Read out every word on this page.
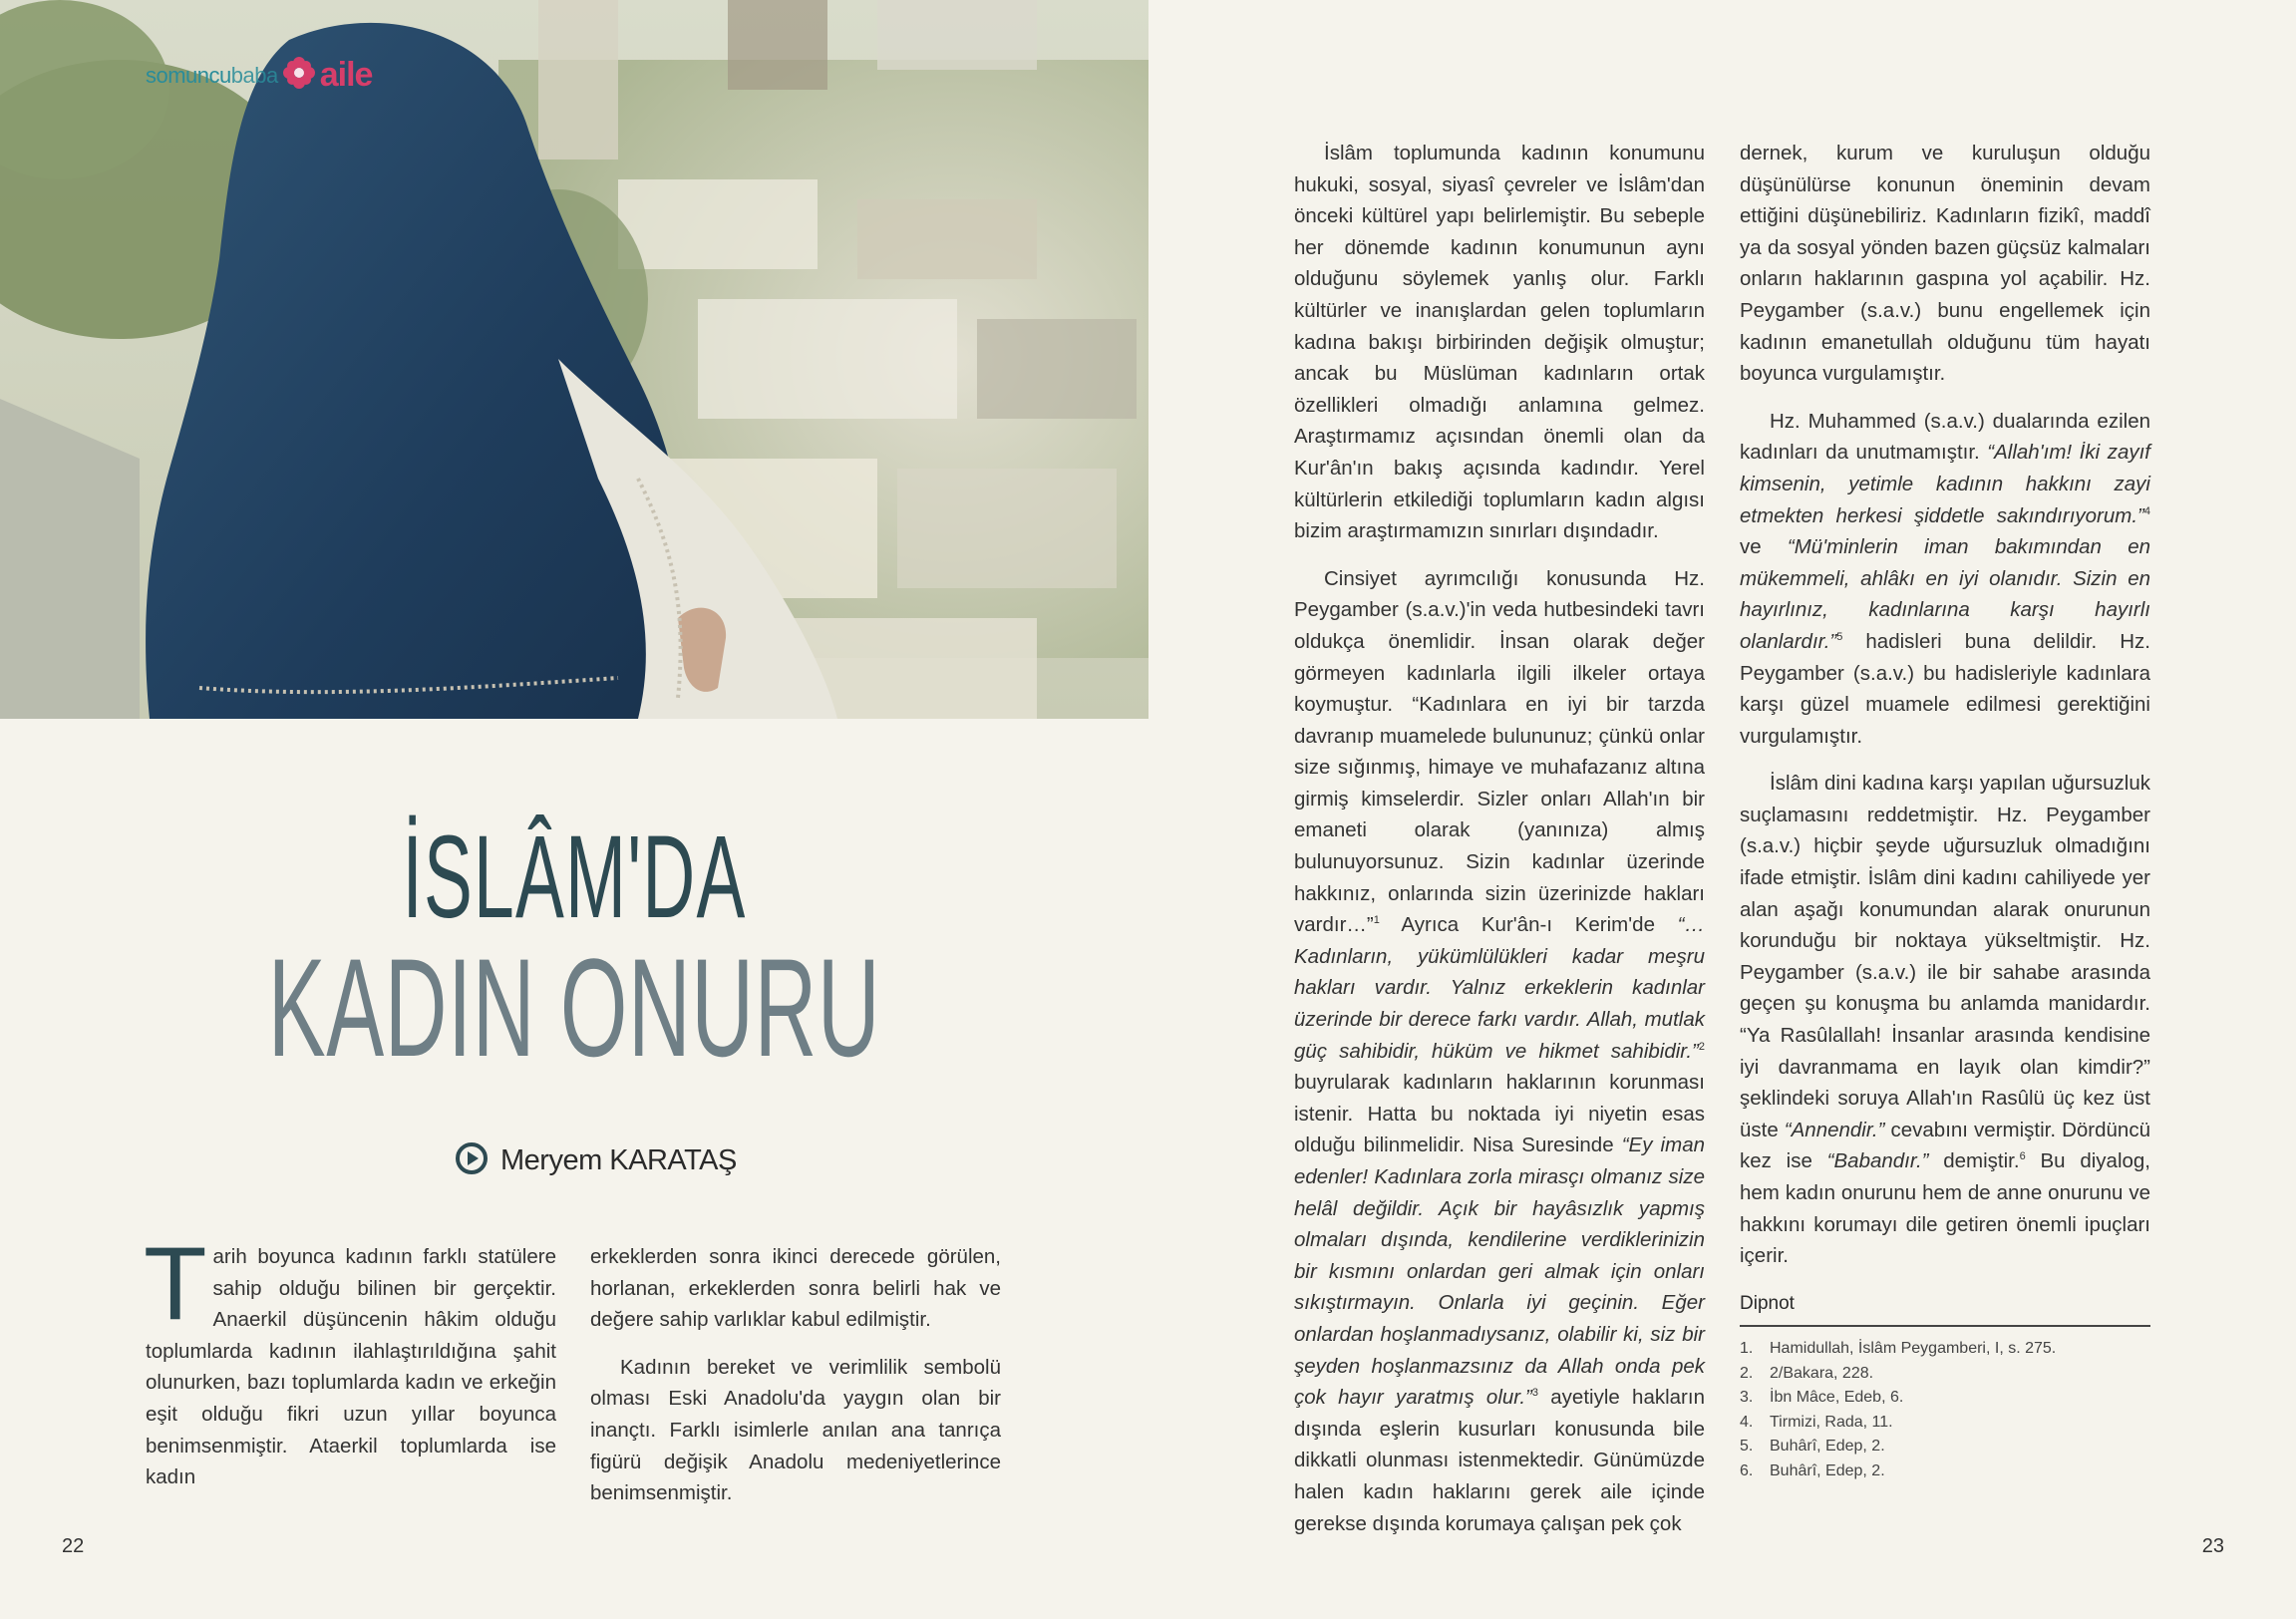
somuncu baba aile
İSLÂM'DA
KADIN ONURU
Meryem KARATAŞ

Tarih boyunca kadının farklı statülere sahip olduğu bilinen bir gerçektir. Anaerkil düşüncenin hâkim olduğu toplumlarda kadının ilahlaştırıldığına şahit olunurken, bazı toplumlarda kadın ve erkeğin eşit olduğu fikri uzun yıllar boyunca benimsenmiştir. Ataerkil toplumlarda ise kadın

erkeklerden sonra ikinci derecede görülen, horlanan, erkeklerden sonra belirli hak ve değere sahip varlıklar kabul edilmiştir.

Kadının bereket ve verimlilik sembolü olması Eski Anadolu'da yaygın olan bir inançtı. Farklı isimlerle anılan ana tanrıça figürü değişik Anadolu medeniyetlerince benimsenmiştir.

İslâm toplumunda kadının konumunu hukuki, sosyal, siyasî çevreler ve İslâm'dan önceki kültürel yapı belirlemiştir. Bu sebeple her dönemde kadının konumunun aynı olduğunu söylemek yanlış olur. Farklı kültürler ve inanışlardan gelen toplumların kadına bakışı birbirinden değişik olmuştur; ancak bu Müslüman kadınların ortak özellikleri olmadığı anlamına gelmez. Araştırmamız açısından önemli olan da Kur'ân'ın bakış açısında kadındır. Yerel kültürlerin etkilediği toplumların kadın algısı bizim araştırmamızın sınırları dışındadır.

Cinsiyet ayrımcılığı konusunda Hz. Peygamber (s.a.v.)'in veda hutbesindeki tavrı oldukça önemlidir. İnsan olarak değer görmeyen kadınlarla ilgili ilkeler ortaya koymuştur. “Kadınlara en iyi bir tarzda davranıp muamelede bulununuz; çünkü onlar size sığınmış, himaye ve muhafazanız altına girmiş kimselerdir. Sizler onları Allah'ın bir emaneti olarak (yanınıza) almış bulunuyorsunuz. Sizin kadınlar üzerinde hakkınız, onlarında sizin üzerinizde hakları vardır…”$^1$ Ayrıca Kur'ân-ı Kerim'de “…Kadınların, yükümlülükleri kadar meşru hakları vardır. Yalnız erkeklerin kadınlar üzerinde bir derece farkı vardır. Allah, mutlak güç sahibidir, hüküm ve hikmet sahibidir.”$^2$ buyrularak kadınların haklarının korunması istenir. Hatta bu noktada iyi niyetin esas olduğu bilinmelidir. Nisa Suresinde “Ey iman edenler! Kadınlara zorla mirasçı olmanız size helâl değildir. Açık bir hayâsızlık yapmış olmaları dışında, kendilerine verdiklerinizin bir kısmını onlardan geri almak için onları sıkıştırmayın. Onlarla iyi geçinin. Eğer onlardan hoşlanmadıysanız, olabilir ki, siz bir şeyden hoşlanmazsınız da Allah onda pek çok hayır yaratmış olur.”$^3$ ayetiyle hakların dışında eşlerin kusurları konusunda bile dikkatli olunması istenmektedir. Günümüzde halen kadın haklarını gerek aile içinde gerekse dışında korumaya çalışan pek çok

dernek, kurum ve kuruluşun olduğu düşünülürse konunun öneminin devam ettiğini düşünebiliriz. Kadınların fizikî, maddî ya da sosyal yönden bazen güçsüz kalmaları onların haklarının gaspına yol açabilir. Hz. Peygamber (s.a.v.) bunu engellemek için kadının emanetullah olduğunu tüm hayatı boyunca vurgulamıştır.

Hz. Muhammed (s.a.v.) dualarında ezilen kadınları da unutmamıştır. “Allah'ım! İki zayıf kimsenin, yetimle kadının hakkını zayi etmekten herkesi şiddetle sakındırıyorum.”$^4$ ve “Mü'minlerin iman bakımından en mükemmeli, ahlâkı en iyi olanıdır. Sizin en hayırlınız, kadınlarına karşı hayırlı olanlardır.”$^5$ hadisleri buna delildir. Hz. Peygamber (s.a.v.) bu hadisleriyle kadınlara karşı güzel muamele edilmesi gerektiğini vurgulamıştır.

İslâm dini kadına karşı yapılan uğursuzluk suçlamasını reddetmiştir. Hz. Peygamber (s.a.v.) hiçbir şeyde uğursuzluk olmadığını ifade etmiştir. İslâm dini kadını cahiliyede yer alan aşağı konumundan alarak onurunun korunduğu bir noktaya yükseltmiştir. Hz. Peygamber (s.a.v.) ile bir sahabe arasında geçen şu konuşma bu anlamda manidardır. “Ya Rasûlallah! İnsanlar arasında kendisine iyi davranmama en layık olan kimdir?” şeklindeki soruya Allah'ın Rasûlü üç kez üst üste “Annendir.” cevabını vermiştir. Dördüncü kez ise “Babandır.” demiştir.$^6$ Bu diyalog, hem kadın onurunu hem de anne onurunu ve hakkını korumayı dile getiren önemli ipuçları içerir.

Dipnot
1.	Hamidullah, İslâm Peygamberi, I, s. 275.
2.	2/Bakara, 228.
3.	İbn Mâce, Edeb, 6.
4.	Tirmizi, Rada, 11.
5.	Buhârî, Edep, 2.
6.	Buhârî, Edep, 2.
22	23
